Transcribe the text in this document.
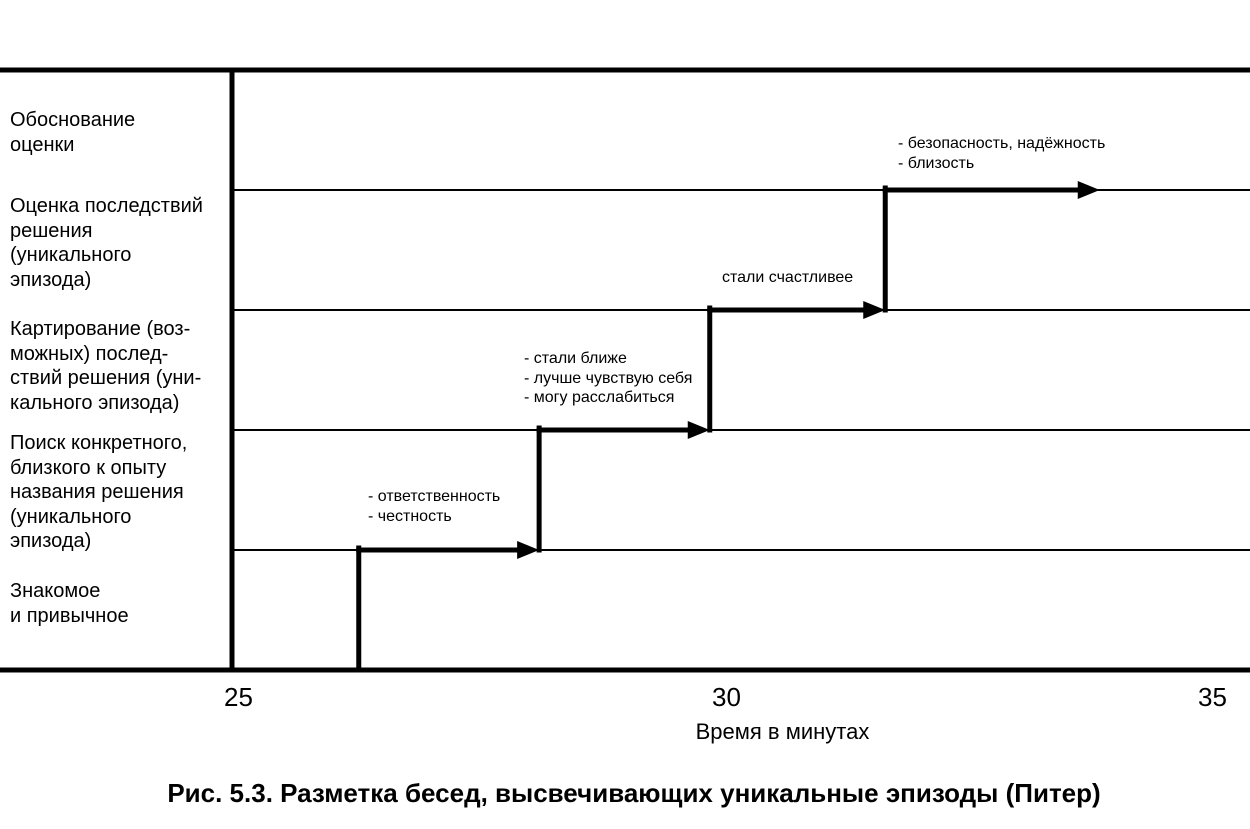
Обоснование
оценки
Оценка последствий
решения
(уникального
эпизода)
Картирование (воз-
можных) послед-
ствий решения (уни-
кального эпизода)
Поиск конкретного,
близкого к опыту
названия решения
(уникального
эпизода)
Знакомое
и привычное
- ответственность
- честность
- стали ближе
- лучше чувствую себя
- могу расслабиться
стали счастливее
- безопасность, надёжность
- близость
25	30	35
Время в минутах
Рис. 5.3. Разметка бесед, высвечивающих уникальные эпизоды (Питер)
